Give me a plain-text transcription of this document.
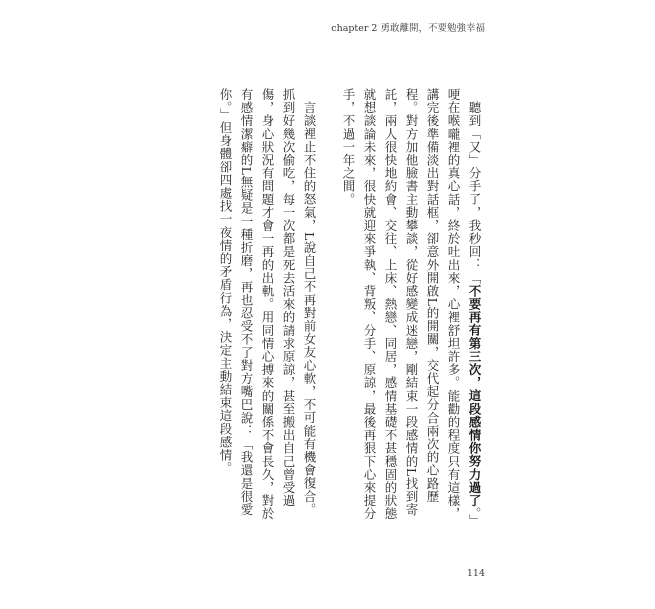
chapter 2 勇敢離開，不要勉強幸福

聽到「又」分手了，我秒回：「不要再有第三次，這段感情你努力過了。」哽在喉嚨裡的真心話，終於吐出來，心裡舒坦許多。能勸的程度只有這樣，講完後準備淡出對話框，卻意外開啟L的開關，交代起分合兩次的心路歷程。對方加他臉書主動攀談，從好感變成迷戀，剛結束一段感情的L找到寄託，兩人很快地約會、交往、上床、熱戀、同居，感情基礎不甚穩固的狀態就想談論未來，很快就迎來爭執、背叛、分手、原諒，最後再狠下心來提分手，不過一年之間。

言談裡止不住的怒氣，L說自己不再對前女友心軟，不可能有機會復合。抓到好幾次偷吃，每一次都是死去活來的請求原諒，甚至搬出自己曾受過傷，身心狀況有問題才會一再的出軌。用同情心搏來的關係不會長久，對於有感情潔癖的L無疑是一種折磨，再也忍受不了對方嘴巴說：「我還是很愛你。」但身體卻四處找一夜情的矛盾行為，決定主動結束這段感情。

114
